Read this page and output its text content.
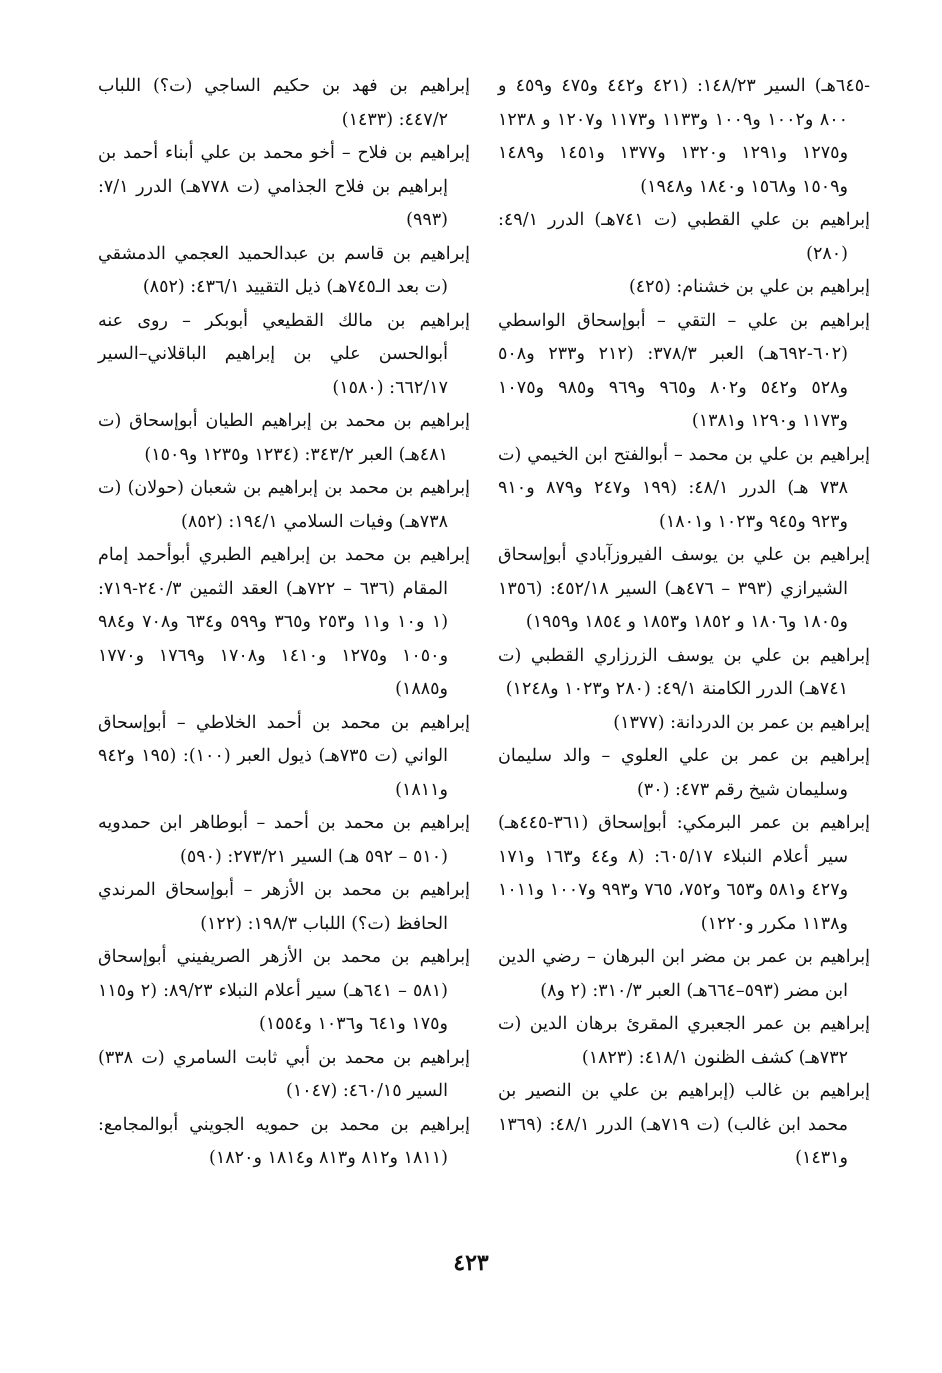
-٦٤٥هـ) السير ١٤٨/٢٣: (٤٢١ و٤٤٢ و٤٧٥ و٤٥٩ و ٨٠٠ و١٠٠٢ و١٠٠٩ و١١٣٣ و١١٧٣ و١٢٠٧ و ١٢٣٨ و١٢٧٥ و١٢٩١ و١٣٢٠ و١٣٧٧ و١٤٥١ و١٤٨٩ و١٥٠٩ و١٥٦٨ و١٨٤٠ و١٩٤٨)

إبراهيم بن علي القطبي (ت ٧٤١هـ) الدرر ٤٩/١: (٢٨٠)

إبراهيم بن علي بن خشنام: (٤٢٥)

إبراهيم بن علي – التقي – أبوإسحاق الواسطي (٦٠٢-٦٩٢هـ) العبر ٣٧٨/٣: (٢١٢ و٢٣٣ و٥٠٨ و٥٢٨ و٥٤٢ و٨٠٢ و٩٦٥ و٩٦٩ و٩٨٥ و١٠٧٥ و١١٧٣ و١٢٩٠ و١٣٨١)

إبراهيم بن علي بن محمد – أبوالفتح ابن الخيمي (ت ٧٣٨ هـ) الدرر ٤٨/١: (١٩٩ و٢٤٧ و٨٧٩ و٩١٠ و٩٢٣ و٩٤٥ و١٠٢٣ و١٨٠١)

إبراهيم بن علي بن يوسف الفيروزآبادي أبوإسحاق الشيرازي (٣٩٣ – ٤٧٦هـ) السير ٤٥٢/١٨: (١٣٥٦ و١٨٠٥ و١٨٠٦ و ١٨٥٢ و١٨٥٣ و ١٨٥٤ و١٩٥٩)

إبراهيم بن علي بن يوسف الزرزاري القطبي (ت ٧٤١هـ) الدرر الكامنة ٤٩/١: (٢٨٠ و١٠٢٣ و١٢٤٨)

إبراهيم بن عمر بن الدردانة: (١٣٧٧)

إبراهيم بن عمر بن علي العلوي – والد سليمان وسليمان شيخ رقم ٤٧٣: (٣٠)

إبراهيم بن عمر البرمكي: أبوإسحاق (٣٦١-٤٤٥هـ) سير أعلام النبلاء ٦٠٥/١٧: (٨ و٤٤ و١٦٣ و١٧١ و٤٢٧ و٥٨١ و٦٥٣ و٧٥٢، ٧٦٥ و٩٩٣ و١٠٠٧ و١٠١١ و١١٣٨ مكرر و١٢٢٠)

إبراهيم بن عمر بن مضر ابن البرهان – رضي الدين ابن مضر (٥٩٣–٦٦٤هـ) العبر ٣١٠/٣: (٢ و٨)

إبراهيم بن عمر الجعبري المقرئ برهان الدين (ت ٧٣٢هـ) كشف الظنون ٤١٨/١: (١٨٢٣)

إبراهيم بن غالب (إبراهيم بن علي بن النصير بن محمد ابن غالب) (ت ٧١٩هـ) الدرر ٤٨/١: (١٣٦٩ و١٤٣١)

إبراهيم بن فهد بن حكيم الساجي (ت؟) اللباب ٤٤٧/٢: (١٤٣٣)

إبراهيم بن فلاح – أخو محمد بن علي أبناء أحمد بن إبراهيم بن فلاح الجذامي (ت ٧٧٨هـ) الدرر ٧/١: (٩٩٣)

إبراهيم بن قاسم بن عبدالحميد العجمي الدمشقي (ت بعد الـ٧٤٥هـ) ذيل التقييد ٤٣٦/١: (٨٥٢)

إبراهيم بن مالك القطيعي أبوبكر – روى عنه أبوالحسن علي بن إبراهيم الباقلاني–السير ٦٦٢/١٧: (١٥٨٠)

إبراهيم بن محمد بن إبراهيم الطيان أبوإسحاق (ت ٤٨١هـ) العبر ٣٤٣/٢: (١٢٣٤ و١٢٣٥ و١٥٠٩)

إبراهيم بن محمد بن إبراهيم بن شعبان (حولان) (ت ٧٣٨هـ) وفيات السلامي ١٩٤/١: (٨٥٢)

إبراهيم بن محمد بن إبراهيم الطبري أبوأحمد إمام المقام (٦٣٦ – ٧٢٢هـ) العقد الثمين ٢٤٠/٣-٧١٩: (١ و١٠ و١١ و٢٥٣ و٣٦٥ و٥٩٩ و٦٣٤ و٧٠٨ و٩٨٤ و١٠٥٠ و١٢٧٥ و١٤١٠ و١٧٠٨ و١٧٦٩ و١٧٧٠ و١٨٨٥)

إبراهيم بن محمد بن أحمد الخلاطي – أبوإسحاق الواني (ت ٧٣٥هـ) ذيول العبر (١٠٠): (١٩٥ و٩٤٢ و١٨١١)

إبراهيم بن محمد بن أحمد – أبوطاهر ابن حمدويه (٥١٠ – ٥٩٢ هـ) السير ٢٧٣/٢١: (٥٩٠)

إبراهيم بن محمد بن الأزهر – أبوإسحاق المرندي الحافظ (ت؟) اللباب ١٩٨/٣: (١٢٢)

إبراهيم بن محمد بن الأزهر الصريفيني أبوإسحاق (٥٨١ – ٦٤١هـ) سير أعلام النبلاء ٨٩/٢٣: (٢ و١١٥ و١٧٥ و٦٤١ و١٠٣٦ و١٥٥٤)

إبراهيم بن محمد بن أبي ثابت السامري (ت ٣٣٨) السير ٤٦٠/١٥: (١٠٤٧)

إبراهيم بن محمد بن حمويه الجويني أبوالمجامع: (١٨١١ و٨١٢ و٨١٣ و١٨١٤ و١٨٢٠)

٤٢٣
